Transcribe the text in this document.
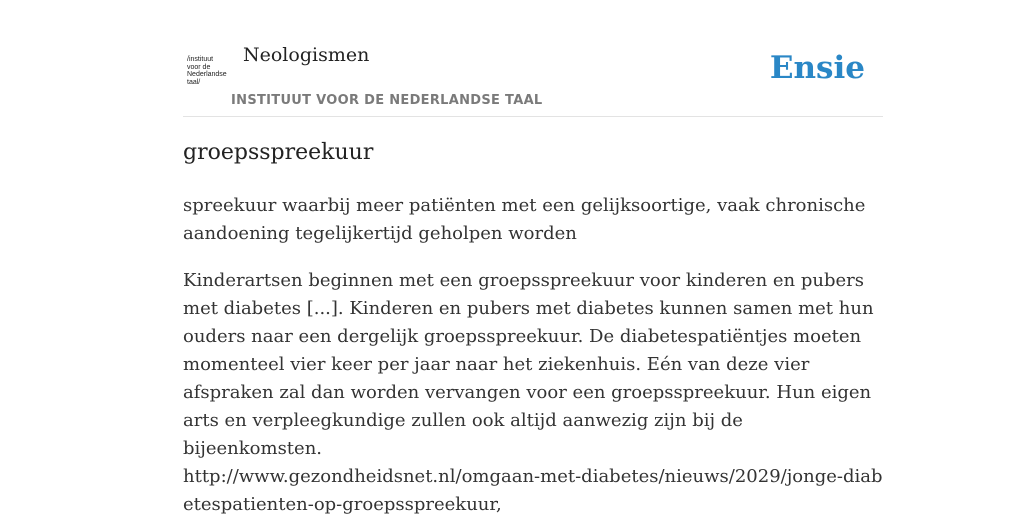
/instituut
voor de
Nederlandse
taal/
Neologismen
INSTITUUT VOOR DE NEDERLANDSE TAAL
Ensie
groepsspreekuur

spreekuur waarbij meer patiënten met een gelijksoortige, vaak chronische aandoening tegelijkertijd geholpen worden

Kinderartsen beginnen met een groepsspreekuur voor kinderen en pubers met diabetes [...]. Kinderen en pubers met diabetes kunnen samen met hun ouders naar een dergelijk groepsspreekuur. De diabetespatiëntjes moeten momenteel vier keer per jaar naar het ziekenhuis. Eén van deze vier afspraken zal dan worden vervangen voor een groepsspreekuur. Hun eigen arts en verpleegkundige zullen ook altijd aanwezig zijn bij de bijeenkomsten.
http://www.gezondheidsnet.nl/omgaan-met-diabetes/nieuws/2029/jonge-diabetespatienten-op-groepsspreekuur,
